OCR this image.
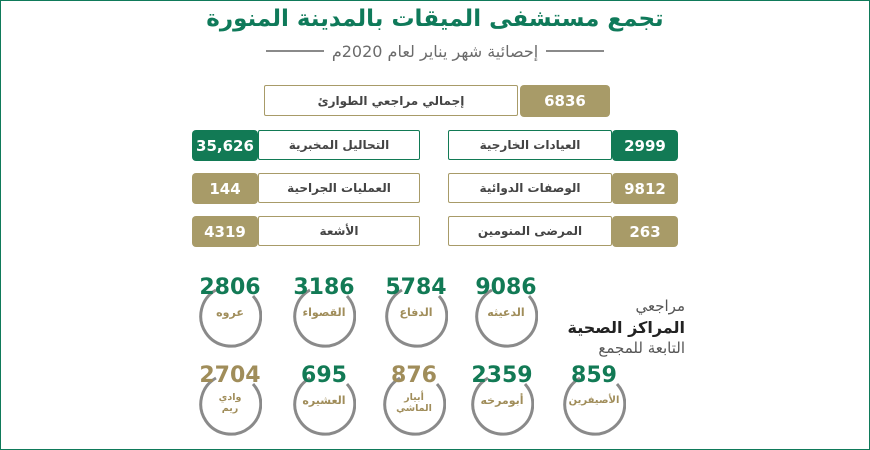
تجمع مستشفى الميقات بالمدينة المنورة
إحصائية شهر يناير لعام 2020م
6836
إجمالي مراجعي الطوارئ
2999
العيادات الخارجية
9812
الوصفات الدوائية
263
المرضى المنومين
35,626	التحاليل المخبرية
144	العمليات الجراحية
4319	الأشعة
مراجعي
المراكز الصحية
التابعة للمجمع
9086
الدعيثه
5784
الدفاع
3186
القصواء
2806
عروه
859
الأصيفرين
2359
أبومرخه
876
أبيار الماشي
695
العشيره
2704
وادي ريم
